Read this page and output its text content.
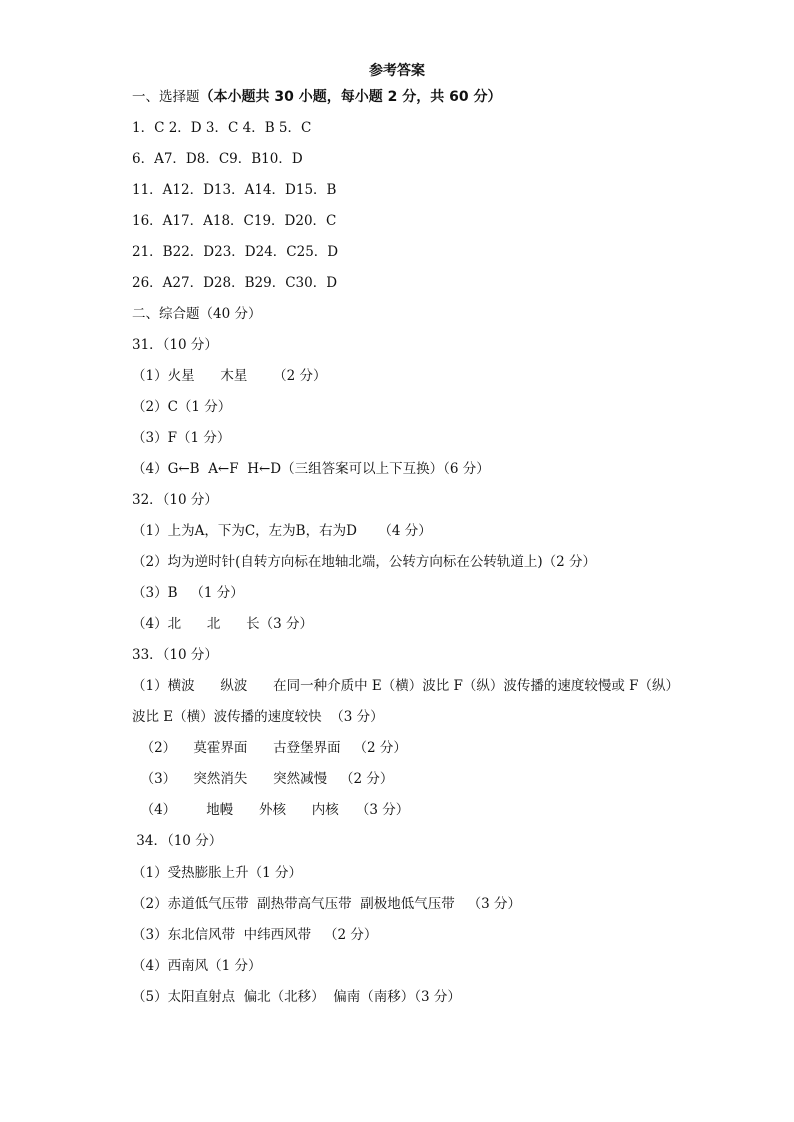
参考答案
一、选择题（本小题共 30 小题，每小题 2 分，共 60 分）
1．C 2．D 3．C 4．B 5．C
6．A7．D8．C9．B10．D
11．A12．D13．A14．D15．B
16．A17．A18．C19．D20．C
21．B22．D23．D24．C25．D
26．A27．D28．B29．C30．D
二、综合题（40 分）
31．（10 分）
（1）火星      木星      （2 分）
（2）C（1 分）
（3）F（1 分）
（4）G←B  A←F  H←D（三组答案可以上下互换）（6 分）
32．（10 分）
（1）上为A，下为C，左为B，右为D     （4 分）
（2）均为逆时针(自转方向标在地轴北端，公转方向标在公转轨道上)（2 分）
（3）B   （1 分）
（4）北      北      长（3 分）
33．（10 分）
（1）横波      纵波      在同一种介质中 E（横）波比 F（纵）波传播的速度较慢或 F（纵）
波比 E（横）波传播的速度较快  （3 分）
（2）    莫霍界面      古登堡界面   （2 分）
（3）    突然消失      突然减慢   （2 分）
（4）       地幔      外核      内核    （3 分）
34．（10 分）
（1）受热膨胀上升（1 分）
（2）赤道低气压带  副热带高气压带  副极地低气压带   （3 分）
（3）东北信风带  中纬西风带   （2 分）
（4）西南风（1 分）
（5）太阳直射点  偏北（北移）  偏南（南移）（3 分）
